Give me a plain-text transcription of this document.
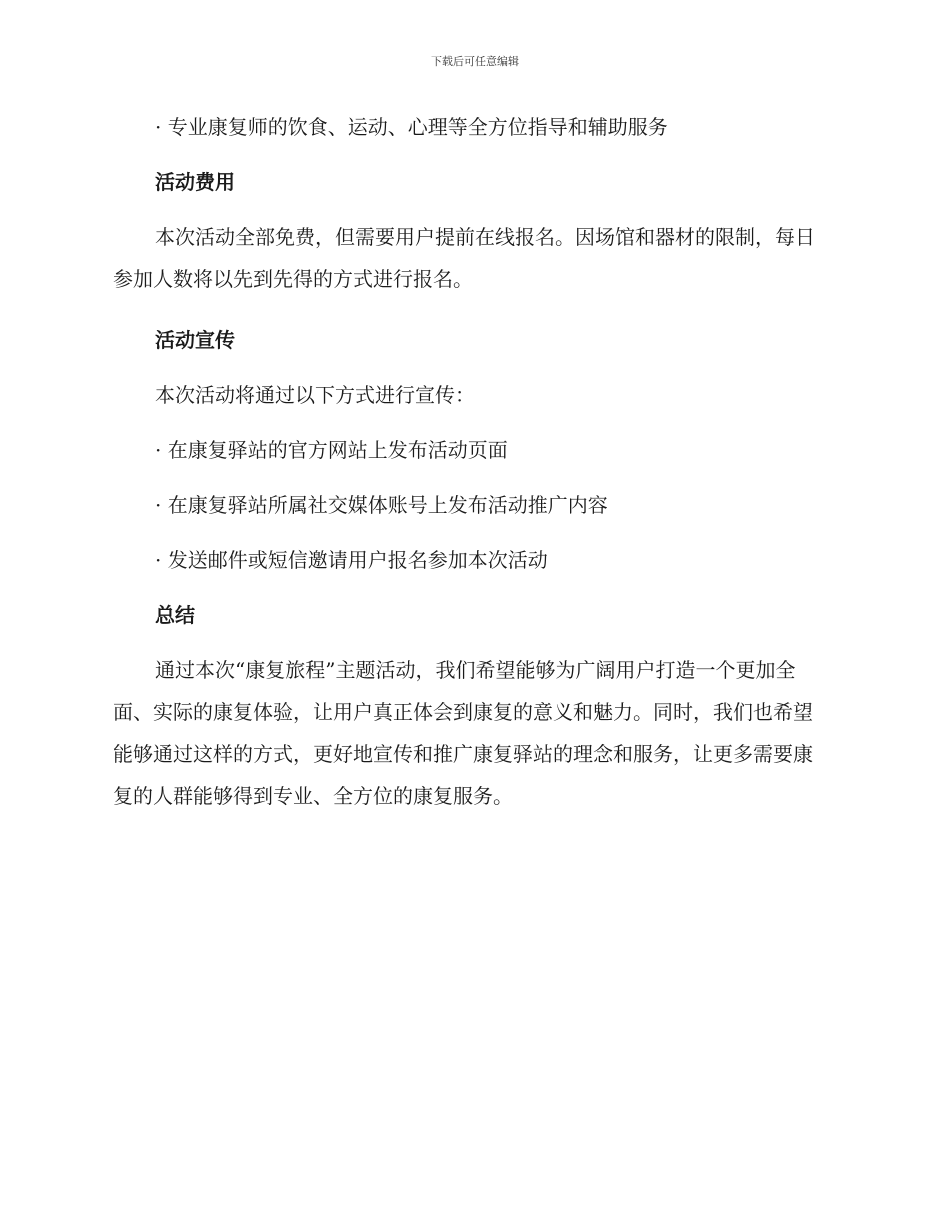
下载后可任意编辑

· 专业康复师的饮食、运动、心理等全方位指导和辅助服务

活动费用

本次活动全部免费，但需要用户提前在线报名。因场馆和器材的限制，每日参加人数将以先到先得的方式进行报名。

活动宣传

本次活动将通过以下方式进行宣传：

· 在康复驿站的官方网站上发布活动页面

· 在康复驿站所属社交媒体账号上发布活动推广内容

· 发送邮件或短信邀请用户报名参加本次活动

总结

通过本次“康复旅程”主题活动，我们希望能够为广阔用户打造一个更加全面、实际的康复体验，让用户真正体会到康复的意义和魅力。同时，我们也希望能够通过这样的方式，更好地宣传和推广康复驿站的理念和服务，让更多需要康复的人群能够得到专业、全方位的康复服务。
